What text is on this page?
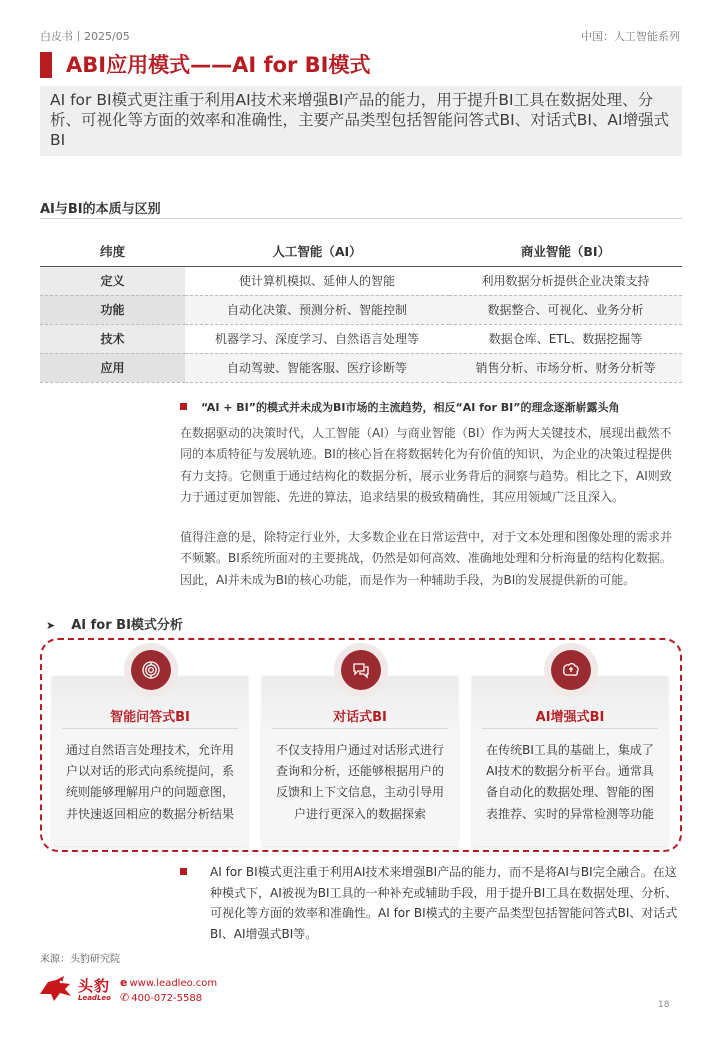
白皮书丨2025/05	中国：人工智能系列
ABI应用模式——AI for BI模式
AI for BI模式更注重于利用AI技术来增强BI产品的能力，用于提升BI工具在数据处理、分析、可视化等方面的效率和准确性，主要产品类型包括智能问答式BI、对话式BI、AI增强式BI
AI与BI的本质与区别
纬度	人工智能（AI）	商业智能（BI）
定义	使计算机模拟、延伸人的智能	利用数据分析提供企业决策支持
功能	自动化决策、预测分析、智能控制	数据整合、可视化、业务分析
技术	机器学习、深度学习、自然语言处理等	数据仓库、ETL、数据挖掘等
应用	自动驾驶、智能客服、医疗诊断等	销售分析、市场分析、财务分析等
“AI + BI”的模式并未成为BI市场的主流趋势，相反“AI for BI”的理念逐渐崭露头角
在数据驱动的决策时代，人工智能（AI）与商业智能（BI）作为两大关键技术，展现出截然不同的本质特征与发展轨迹。BI的核心旨在将数据转化为有价值的知识，为企业的决策过程提供有力支持。它侧重于通过结构化的数据分析，展示业务背后的洞察与趋势。相比之下，AI则致力于通过更加智能、先进的算法，追求结果的极致精确性，其应用领域广泛且深入。
值得注意的是，除特定行业外，大多数企业在日常运营中，对于文本处理和图像处理的需求并不频繁。BI系统所面对的主要挑战，仍然是如何高效、准确地处理和分析海量的结构化数据。因此，AI并未成为BI的核心功能，而是作为一种辅助手段，为BI的发展提供新的可能。
➤ AI for BI模式分析
智能问答式BI
通过自然语言处理技术，允许用户以对话的形式向系统提问，系统则能够理解用户的问题意图，并快速返回相应的数据分析结果
对话式BI
不仅支持用户通过对话形式进行查询和分析，还能够根据用户的反馈和上下文信息，主动引导用户进行更深入的数据探索
AI增强式BI
在传统BI工具的基础上，集成了AI技术的数据分析平台。通常具备自动化的数据处理、智能的图表推荐、实时的异常检测等功能
AI for BI模式更注重于利用AI技术来增强BI产品的能力，而不是将AI与BI完全融合。在这种模式下，AI被视为BI工具的一种补充或辅助手段，用于提升BI工具在数据处理、分析、可视化等方面的效率和准确性。AI for BI模式的主要产品类型包括智能问答式BI、对话式BI、AI增强式BI等。
来源：头豹研究院
头豹
LeadLeo
e www.leadleo.com
✆ 400-072-5588
18
